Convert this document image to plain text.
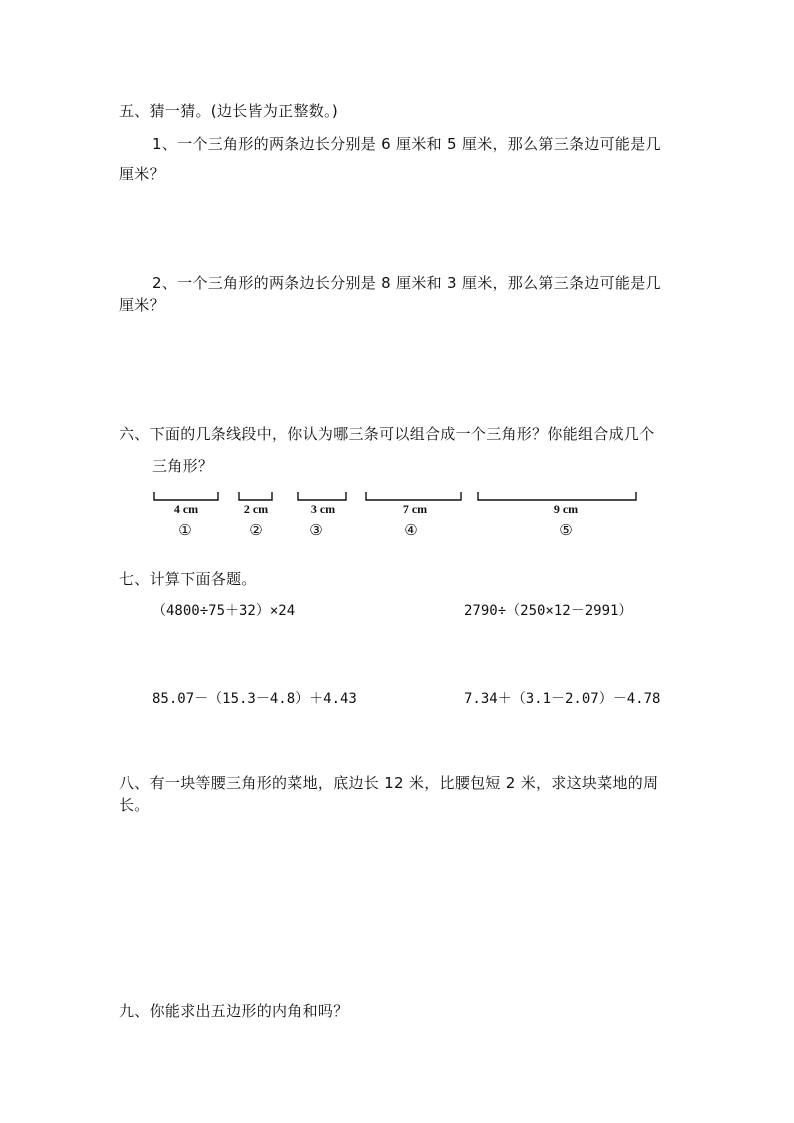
五、猜一猜。(边长皆为正整数。)
1、一个三角形的两条边长分别是 6 厘米和 5 厘米，那么第三条边可能是几
厘米？
2、一个三角形的两条边长分别是 8 厘米和 3 厘米，那么第三条边可能是几
厘米？
六、下面的几条线段中，你认为哪三条可以组合成一个三角形？你能组合成几个
三角形？
4 cm
①
2 cm
②
3 cm
③
7 cm
④
9 cm
⑤
七、计算下面各题。
（4800÷75＋32）×24	2790÷（250×12－2991）
85.07－（15.3－4.8）＋4.43	7.34＋（3.1－2.07）－4.78
八、有一块等腰三角形的菜地，底边长 12 米，比腰包短 2 米，求这块菜地的周
长。
九、你能求出五边形的内角和吗？
